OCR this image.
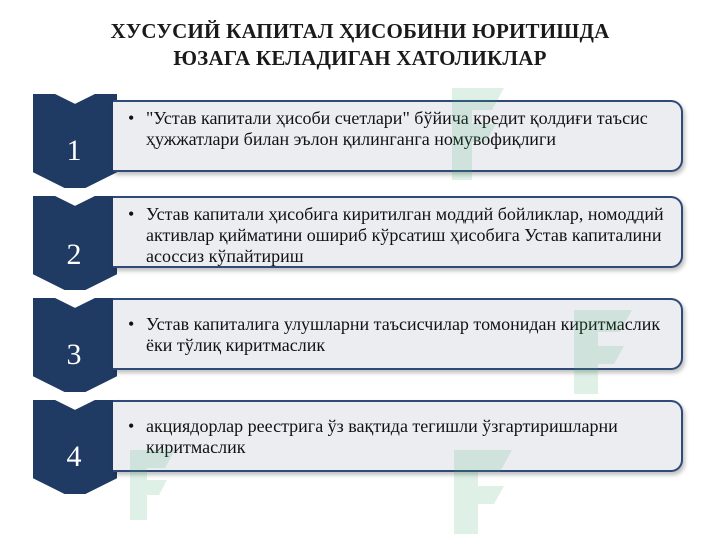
ХУСУСИЙ КАПИТАЛ ҲИСОБИНИ ЮРИТИШДА
ЮЗАГА КЕЛАДИГАН ХАТОЛИКЛАР
1
• "Устав капитали ҳисоби счетлари" бўйича кредит қолдиғи таъсис ҳужжатлари билан эълон қилинганга номувофиқлиги
2
• Устав капитали ҳисобига киритилган моддий бойликлар, номоддий активлар қийматини ошириб кўрсатиш ҳисобига Устав капиталини асоссиз кўпайтириш
3
• Устав капиталига улушларни таъсисчилар томонидан киритмаслик ёки тўлиқ киритмаслик
4
• акциядорлар реестрига ўз вақтида тегишли ўзгартиришларни киритмаслик
